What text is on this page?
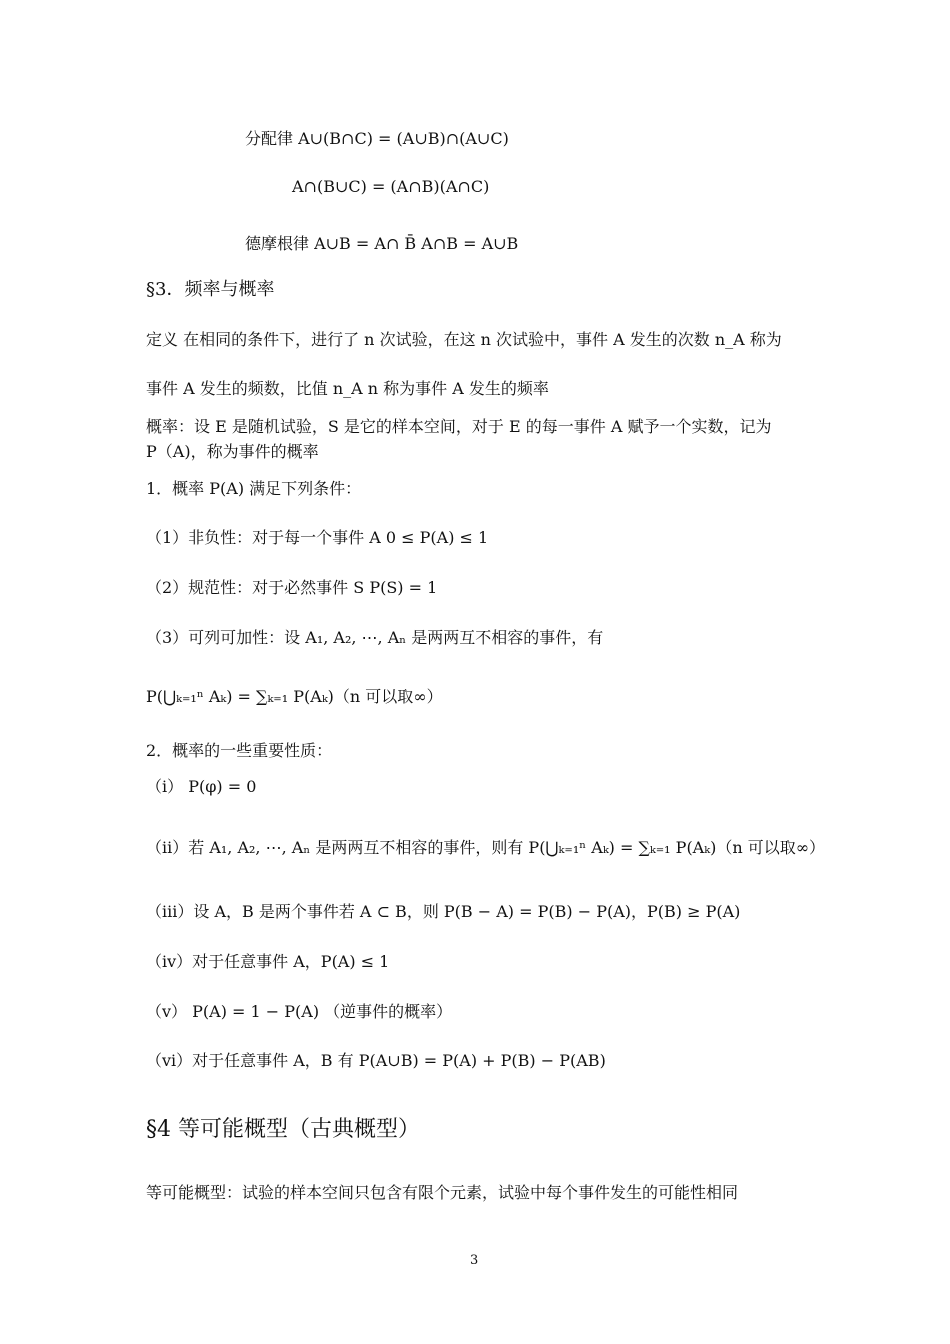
分配律 A∪(B∩C) = (A∪B)∩(A∪C)
A∩(B∪C) = (A∩B)(A∩C)
德摩根律 A∪B = A∩ B̄ A∩B = A∪B
§3．频率与概率
定义 在相同的条件下，进行了 n 次试验，在这 n 次试验中，事件 A 发生的次数 n_A 称为
事件 A 发生的频数，比值 n_A n 称为事件 A 发生的频率
概率：设 E 是随机试验，S 是它的样本空间，对于 E 的每一事件 A 赋予一个实数，记为
P（A)，称为事件的概率
1．概率 P(A) 满足下列条件：
（1）非负性：对于每一个事件 A 0 ≤ P(A) ≤ 1
（2）规范性：对于必然事件 S P(S) = 1
（3）可列可加性：设 A₁, A₂, ⋯, Aₙ 是两两互不相容的事件，有
P(⋃ₖ₌₁ⁿ Aₖ) = ∑ₖ₌₁ P(Aₖ)（n 可以取∞）
2．概率的一些重要性质：
（i） P(φ) = 0
（ii）若 A₁, A₂, ⋯, Aₙ 是两两互不相容的事件，则有 P(⋃ₖ₌₁ⁿ Aₖ) = ∑ₖ₌₁ P(Aₖ)（n 可以取∞）
（iii）设 A，B 是两个事件若 A ⊂ B，则 P(B − A) = P(B) − P(A)，P(B) ≥ P(A)
（iv）对于任意事件 A，P(A) ≤ 1
（v） P(A) = 1 − P(A) （逆事件的概率）
（vi）对于任意事件 A，B 有 P(A∪B) = P(A) + P(B) − P(AB)
§4 等可能概型（古典概型）
等可能概型：试验的样本空间只包含有限个元素，试验中每个事件发生的可能性相同
3
